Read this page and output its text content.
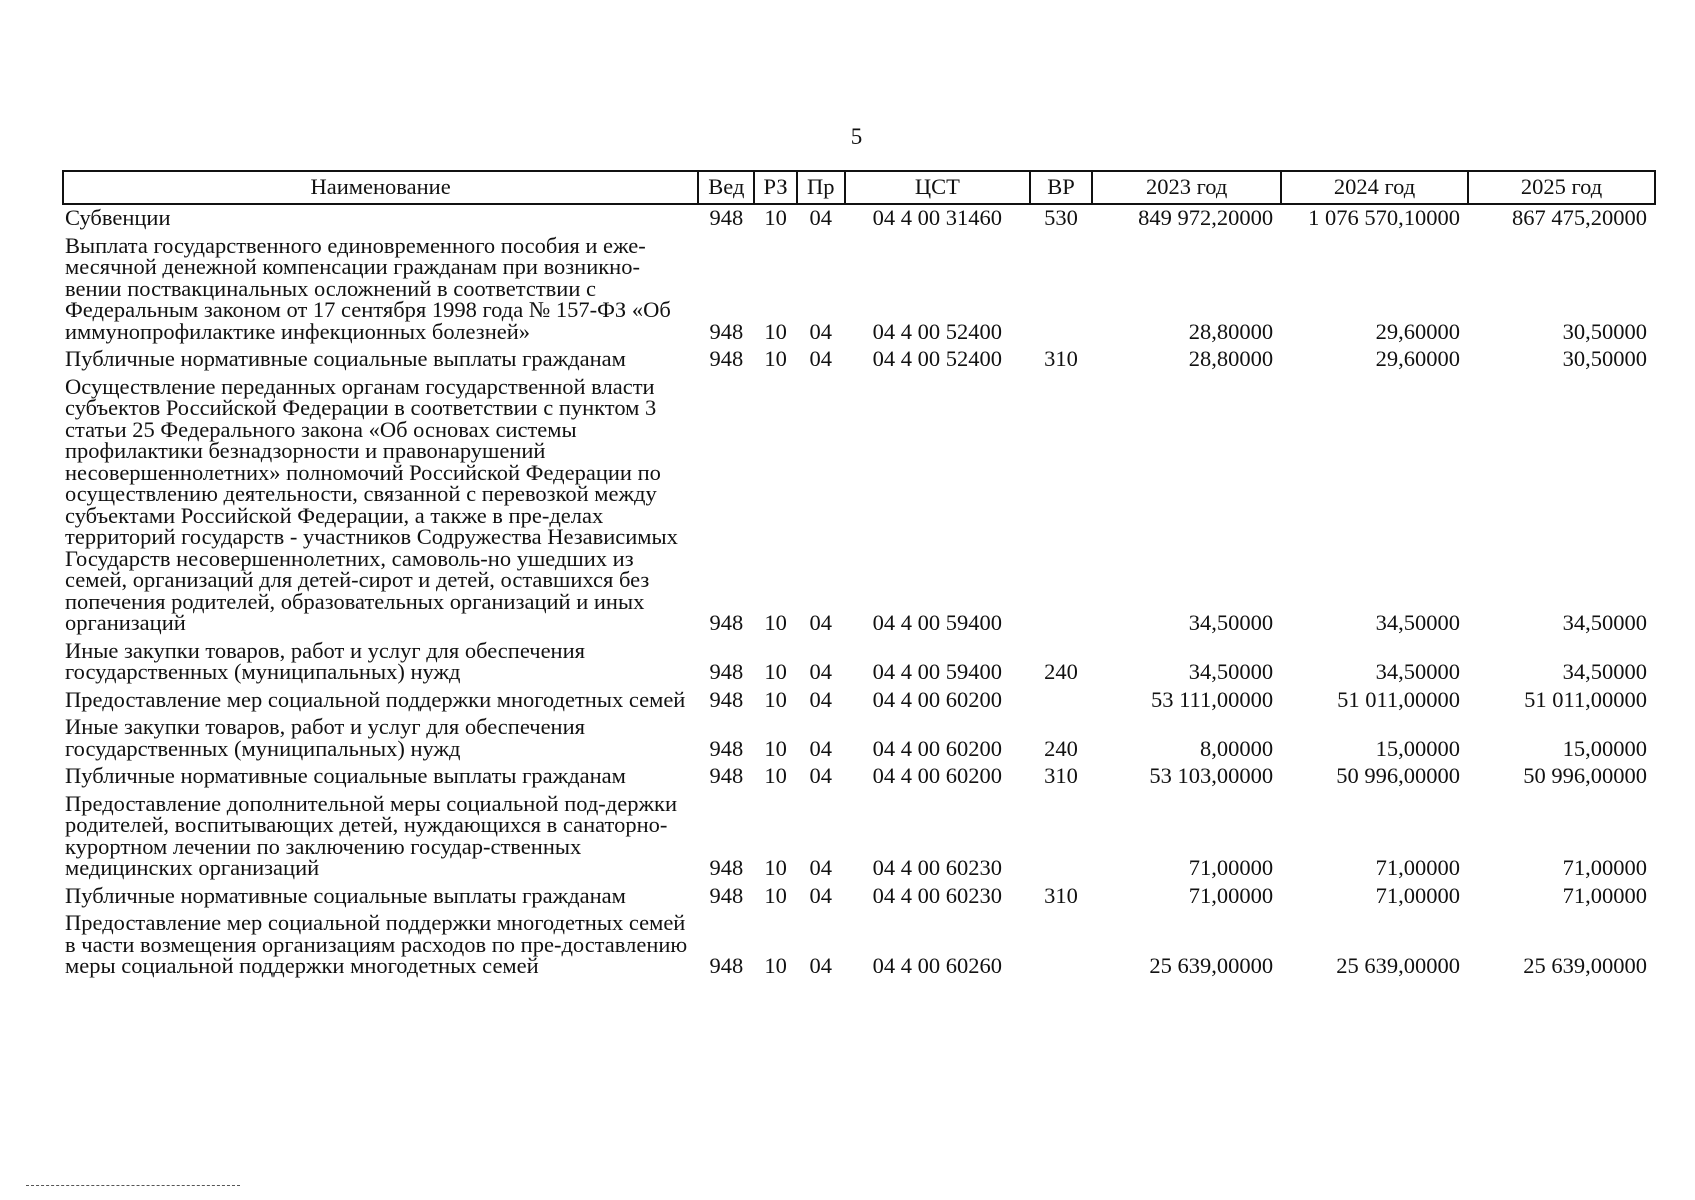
5
Наименование	Вед	РЗ	Пр	ЦСТ	ВР	2023 год	2024 год	2025 год
Субвенции	948	10	04	04 4 00 31460	530	849 972,20000	1 076 570,10000	867 475,20000
Выплата государственного единовременного пособия и еже-месячной денежной компенсации гражданам при возникно-вении поствакцинальных осложнений в соответствии с Федеральным законом от 17 сентября 1998 года № 157-ФЗ «Об иммунопрофилактике инфекционных болезней»	948	10	04	04 4 00 52400		28,80000	29,60000	30,50000
Публичные нормативные социальные выплаты гражданам	948	10	04	04 4 00 52400	310	28,80000	29,60000	30,50000
Осуществление переданных органам государственной власти субъектов Российской Федерации в соответствии с пунктом 3 статьи 25 Федерального закона «Об основах системы профилактики безнадзорности и правонарушений несовершеннолетних» полномочий Российской Федерации по осуществлению деятельности, связанной с перевозкой между субъектами Российской Федерации, а также в пре-делах территорий государств - участников Содружества Независимых Государств несовершеннолетних, самоволь-но ушедших из семей, организаций для детей-сирот и детей, оставшихся без попечения родителей, образовательных организаций и иных организаций	948	10	04	04 4 00 59400		34,50000	34,50000	34,50000
Иные закупки товаров, работ и услуг для обеспечения государственных (муниципальных) нужд	948	10	04	04 4 00 59400	240	34,50000	34,50000	34,50000
Предоставление мер социальной поддержки многодетных семей	948	10	04	04 4 00 60200		53 111,00000	51 011,00000	51 011,00000
Иные закупки товаров, работ и услуг для обеспечения государственных (муниципальных) нужд	948	10	04	04 4 00 60200	240	8,00000	15,00000	15,00000
Публичные нормативные социальные выплаты гражданам	948	10	04	04 4 00 60200	310	53 103,00000	50 996,00000	50 996,00000
Предоставление дополнительной меры социальной под-держки родителей, воспитывающих детей, нуждающихся в санаторно-курортном лечении по заключению государ-ственных медицинских организаций	948	10	04	04 4 00 60230		71,00000	71,00000	71,00000
Публичные нормативные социальные выплаты гражданам	948	10	04	04 4 00 60230	310	71,00000	71,00000	71,00000
Предоставление мер социальной поддержки многодетных семей в части возмещения организациям расходов по пре-доставлению меры социальной поддержки многодетных семей	948	10	04	04 4 00 60260		25 639,00000	25 639,00000	25 639,00000
